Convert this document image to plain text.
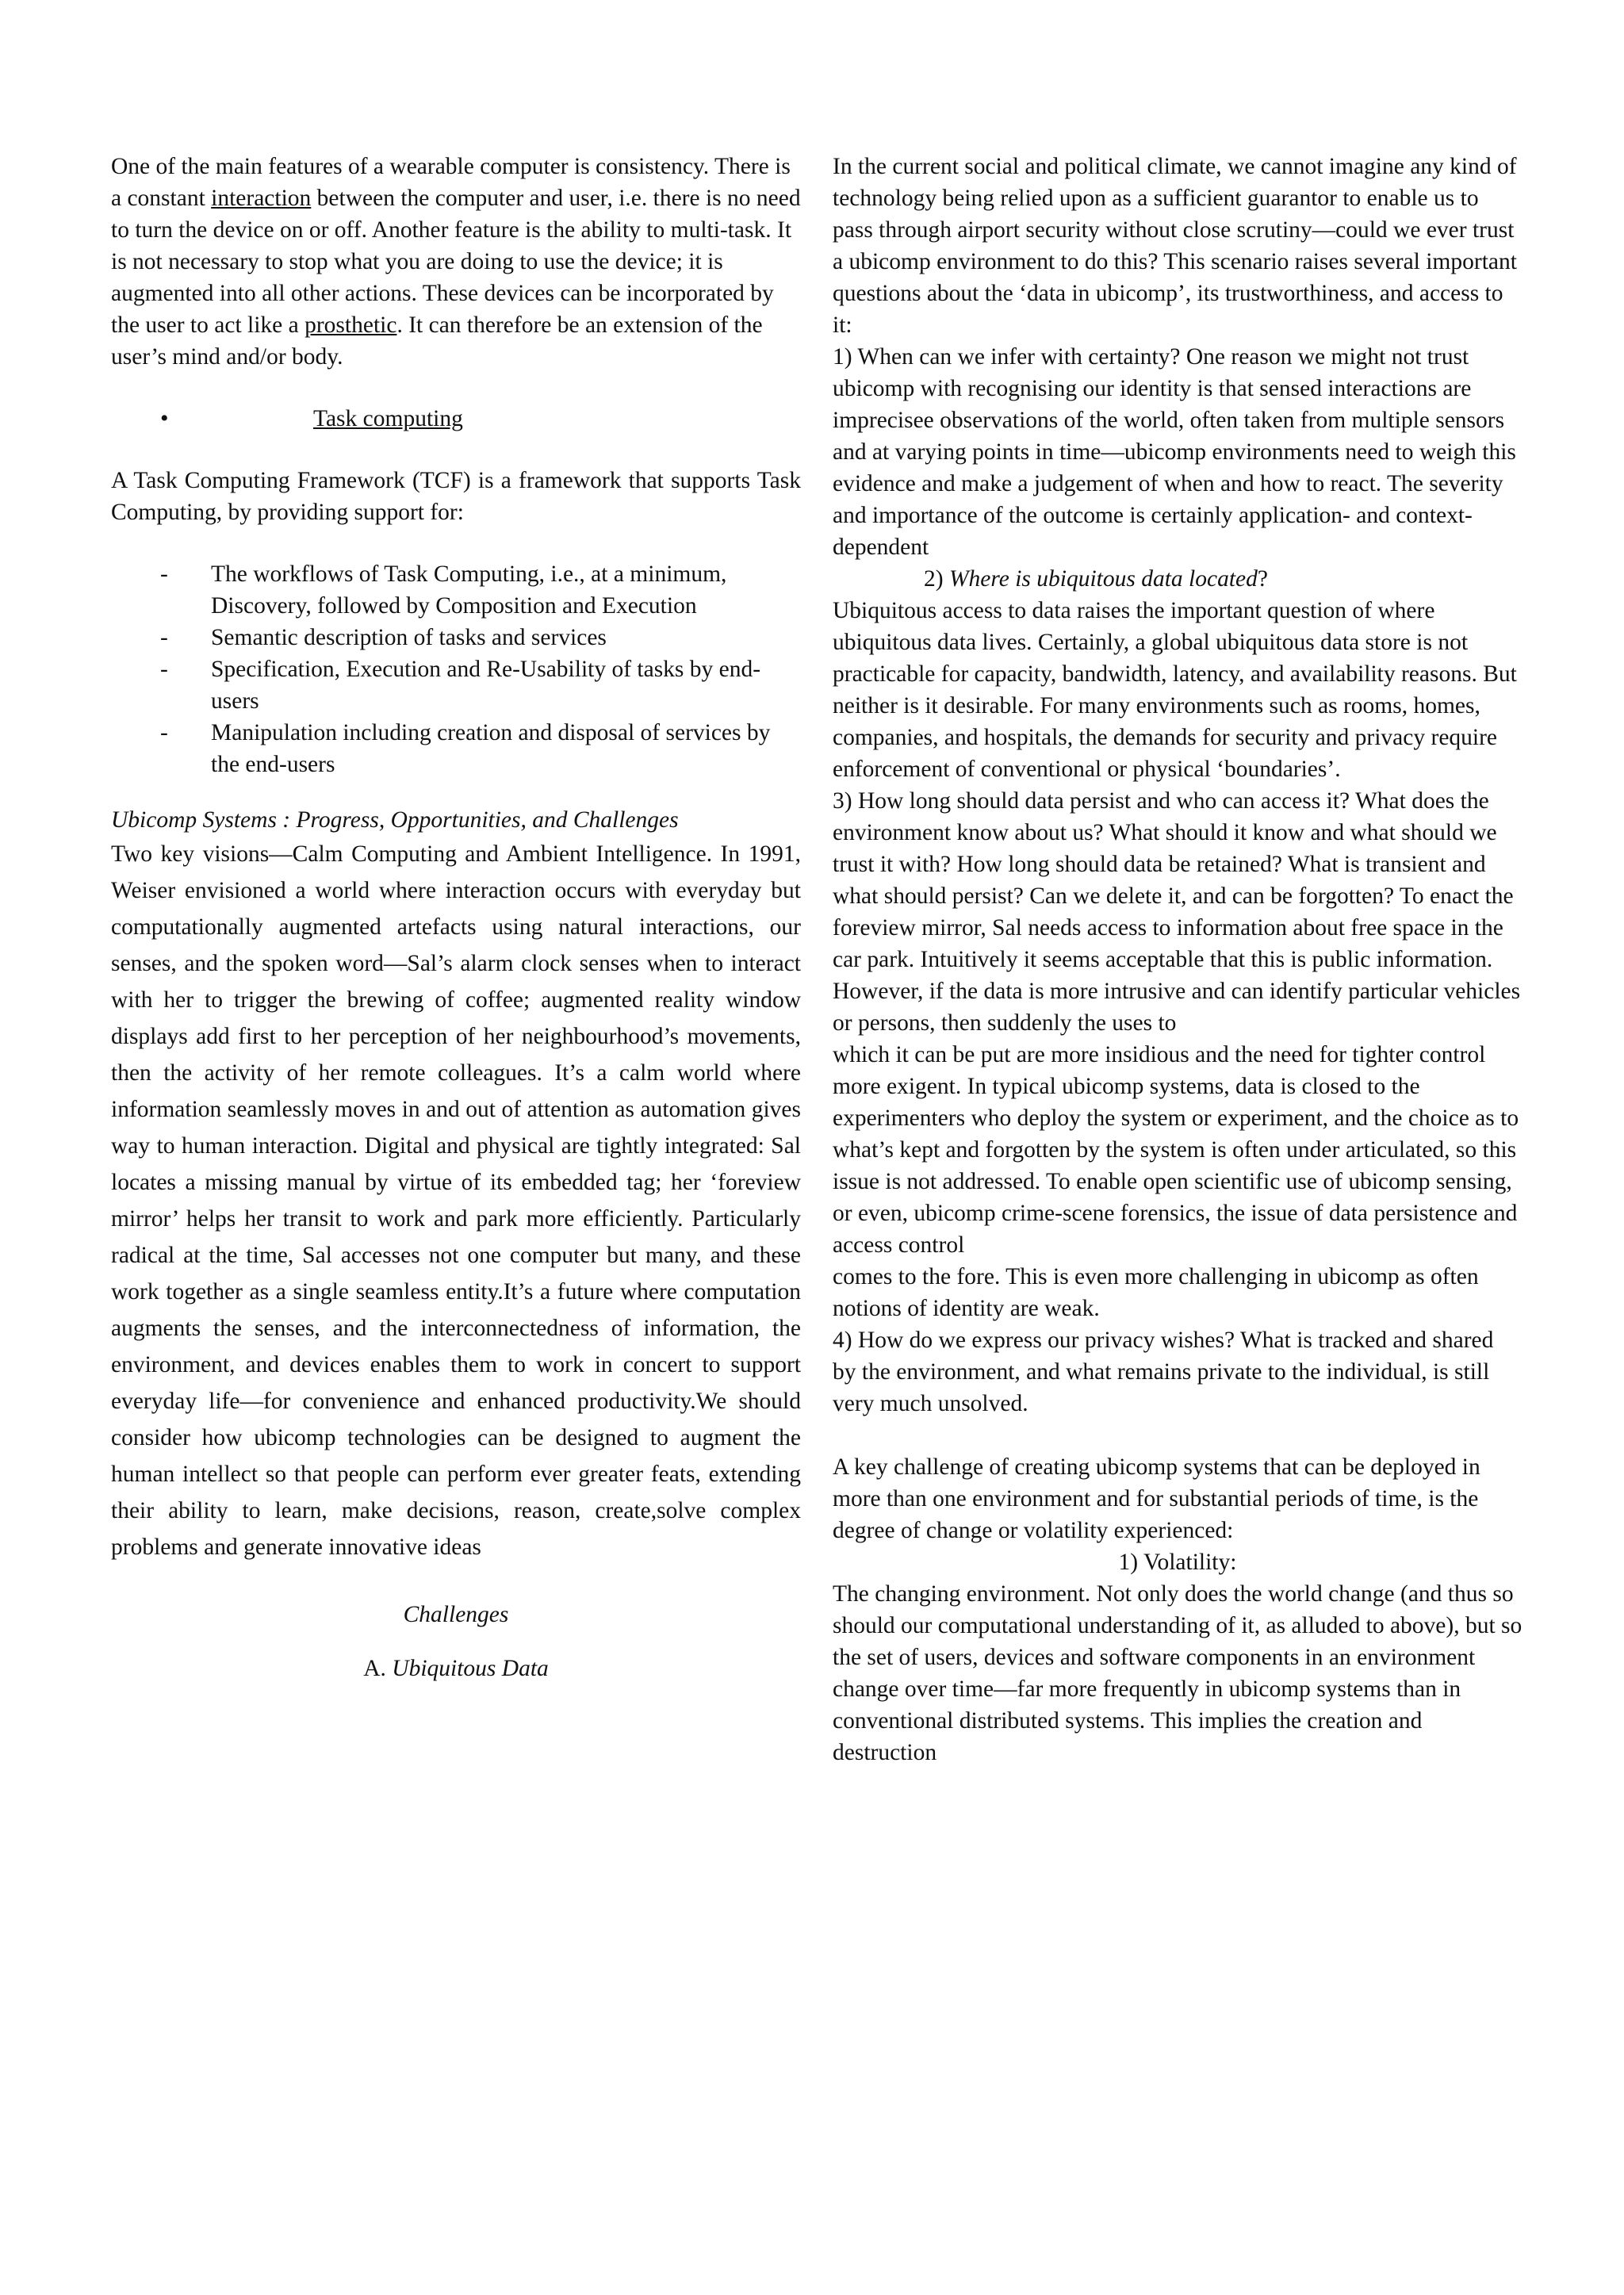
One of the main features of a wearable computer is consistency. There is a constant interaction between the computer and user, i.e. there is no need to turn the device on or off. Another feature is the ability to multi-task. It is not necessary to stop what you are doing to use the device; it is augmented into all other actions. These devices can be incorporated by the user to act like a prosthetic. It can therefore be an extension of the user’s mind and/or body.

•	Task computing

A Task Computing Framework (TCF) is a framework that supports Task Computing, by providing support for:

- The workflows of Task Computing, i.e., at a minimum, Discovery, followed by Composition and Execution
- Semantic description of tasks and services
- Specification, Execution and Re-Usability of tasks by end-users
- Manipulation including creation and disposal of services by the end-users

Ubicomp Systems : Progress, Opportunities, and Challenges

Two key visions—Calm Computing and Ambient Intelligence. In 1991, Weiser envisioned a world where interaction occurs with everyday but computationally augmented artefacts using natural interactions, our senses, and the spoken word—Sal’s alarm clock senses when to interact with her to trigger the brewing of coffee; augmented reality window displays add first to her perception of her neighbourhood’s movements, then the activity of her remote colleagues. It’s a calm world where information seamlessly moves in and out of attention as automation gives way to human interaction. Digital and physical are tightly integrated: Sal locates a missing manual by virtue of its embedded tag; her ‘foreview mirror’ helps her transit to work and park more efficiently. Particularly radical at the time, Sal accesses not one computer but many, and these work together as a single seamless entity.It’s a future where computation augments the senses, and the interconnectedness of information, the environment, and devices enables them to work in concert to support everyday life—for convenience and enhanced productivity.We should consider how ubicomp technologies can be designed to augment the human intellect so that people can perform ever greater feats, extending their ability to learn, make decisions, reason, create,solve complex problems and generate innovative ideas

Challenges

A. Ubiquitous Data

In the current social and political climate, we cannot imagine any kind of technology being relied upon as a sufficient guarantor to enable us to pass through airport security without close scrutiny—could we ever trust a ubicomp environment to do this? This scenario raises several important questions about the ‘data in ubicomp’, its trustworthiness, and access to it:

1) When can we infer with certainty? One reason we might not trust ubicomp with recognising our identity is that sensed interactions are imprecisee observations of the world, often taken from multiple sensors and at varying points in time—ubicomp environments need to weigh this evidence and make a judgement of when and how to react. The severity and importance of the outcome is certainly application- and context-dependent

2) Where is ubiquitous data located?

Ubiquitous access to data raises the important question of where ubiquitous data lives. Certainly, a global ubiquitous data store is not practicable for capacity, bandwidth, latency, and availability reasons. But neither is it desirable. For many environments such as rooms, homes, companies, and hospitals, the demands for security and privacy require enforcement of conventional or physical ‘boundaries’.

3) How long should data persist and who can access it? What does the environment know about us? What should it know and what should we trust it with? How long should data be retained? What is transient and what should persist? Can we delete it, and can be forgotten? To enact the foreview mirror, Sal needs access to information about free space in the car park. Intuitively it seems acceptable that this is public information. However, if the data is more intrusive and can identify particular vehicles or persons, then suddenly the uses to

which it can be put are more insidious and the need for tighter control more exigent. In typical ubicomp systems, data is closed to the experimenters who deploy the system or experiment, and the choice as to what’s kept and forgotten by the system is often under articulated, so this issue is not addressed. To enable open scientific use of ubicomp sensing, or even, ubicomp crime-scene forensics, the issue of data persistence and access control

comes to the fore. This is even more challenging in ubicomp as often notions of identity are weak.

4) How do we express our privacy wishes? What is tracked and shared by the environment, and what remains private to the individual, is still very much unsolved.

A key challenge of creating ubicomp systems that can be deployed in more than one environment and for substantial periods of time, is the degree of change or volatility experienced:

1) Volatility:

The changing environment. Not only does the world change (and thus so should our computational understanding of it, as alluded to above), but so the set of users, devices and software components in an environment change over time—far more frequently in ubicomp systems than in conventional distributed systems. This implies the creation and destruction
